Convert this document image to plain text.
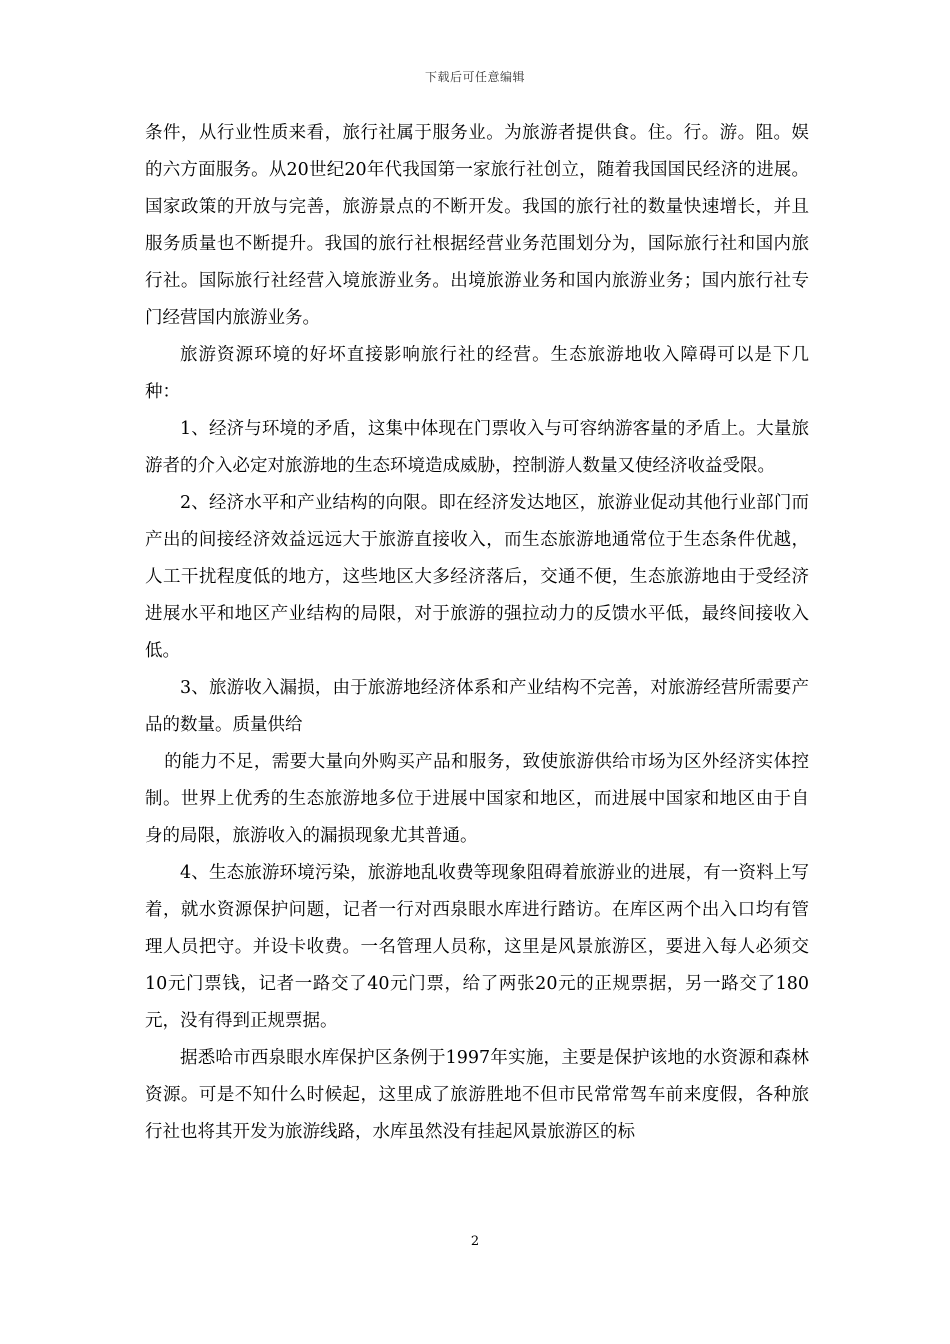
下载后可任意编辑

条件，从行业性质来看，旅行社属于服务业。为旅游者提供食。住。行。游。阻。娱的六方面服务。从20世纪20年代我国第一家旅行社创立，随着我国国民经济的进展。国家政策的开放与完善，旅游景点的不断开发。我国的旅行社的数量快速增长，并且服务质量也不断提升。我国的旅行社根据经营业务范围划分为，国际旅行社和国内旅行社。国际旅行社经营入境旅游业务。出境旅游业务和国内旅游业务；国内旅行社专门经营国内旅游业务。

旅游资源环境的好坏直接影响旅行社的经营。生态旅游地收入障碍可以是下几种：

1、经济与环境的矛盾，这集中体现在门票收入与可容纳游客量的矛盾上。大量旅游者的介入必定对旅游地的生态环境造成威胁，控制游人数量又使经济收益受限。

2、经济水平和产业结构的向限。即在经济发达地区，旅游业促动其他行业部门而产出的间接经济效益远远大于旅游直接收入，而生态旅游地通常位于生态条件优越，人工干扰程度低的地方，这些地区大多经济落后，交通不便，生态旅游地由于受经济进展水平和地区产业结构的局限，对于旅游的强拉动力的反馈水平低，最终间接收入低。

3、旅游收入漏损，由于旅游地经济体系和产业结构不完善，对旅游经营所需要产品的数量。质量供给

的能力不足，需要大量向外购买产品和服务，致使旅游供给市场为区外经济实体控制。世界上优秀的生态旅游地多位于进展中国家和地区，而进展中国家和地区由于自身的局限，旅游收入的漏损现象尤其普通。

4、生态旅游环境污染，旅游地乱收费等现象阻碍着旅游业的进展，有一资料上写着，就水资源保护问题，记者一行对西泉眼水库进行踏访。在库区两个出入口均有管理人员把守。并设卡收费。一名管理人员称，这里是风景旅游区，要进入每人必须交10元门票钱，记者一路交了40元门票，给了两张20元的正规票据，另一路交了180元，没有得到正规票据。

据悉哈市西泉眼水库保护区条例于1997年实施，主要是保护该地的水资源和森林资源。可是不知什么时候起，这里成了旅游胜地不但市民常常驾车前来度假，各种旅行社也将其开发为旅游线路，水库虽然没有挂起风景旅游区的标

2
